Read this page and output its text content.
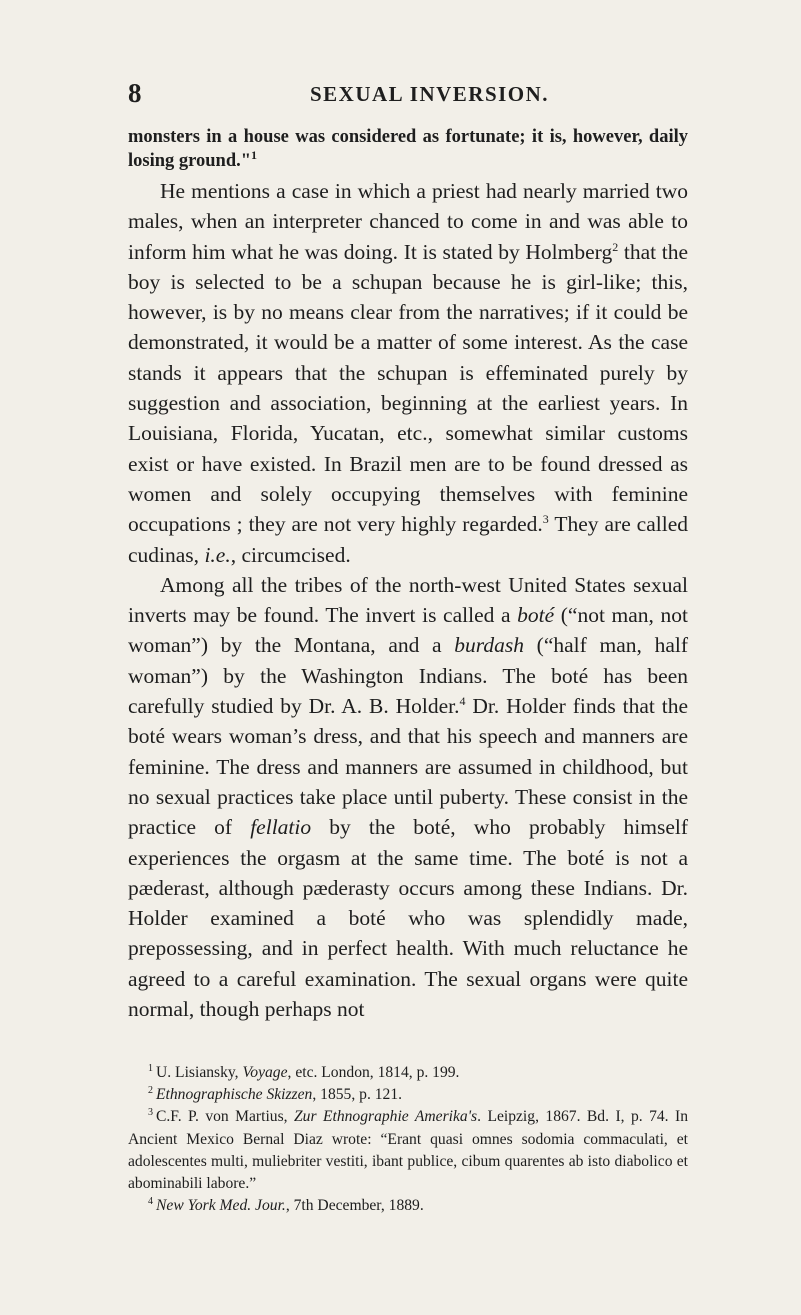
8	SEXUAL INVERSION.

monsters in a house was considered as fortunate; it is, however, daily losing ground."$^1$

He mentions a case in which a priest had nearly married two males, when an interpreter chanced to come in and was able to inform him what he was doing. It is stated by Holmberg$^2$ that the boy is selected to be a schupan because he is girl-like; this, however, is by no means clear from the narratives; if it could be demonstrated, it would be a matter of some interest. As the case stands it appears that the schupan is effeminated purely by suggestion and association, beginning at the earliest years. In Louisiana, Florida, Yucatan, etc., somewhat similar customs exist or have existed. In Brazil men are to be found dressed as women and solely occupying themselves with feminine occupations ; they are not very highly regarded.$^3$ They are called cudinas, i.e., circumcised.

Among all the tribes of the north-west United States sexual inverts may be found. The invert is called a boté (“not man, not woman”) by the Montana, and a burdash (“half man, half woman”) by the Washington Indians. The boté has been carefully studied by Dr. A. B. Holder.$^4$ Dr. Holder finds that the boté wears woman’s dress, and that his speech and manners are feminine. The dress and manners are assumed in childhood, but no sexual practices take place until puberty. These consist in the practice of fellatio by the boté, who probably himself experiences the orgasm at the same time. The boté is not a pæderast, although pæderasty occurs among these Indians. Dr. Holder examined a boté who was splendidly made, prepossessing, and in perfect health. With much reluctance he agreed to a careful examination. The sexual organs were quite normal, though perhaps not

$^1$ U. Lisiansky, Voyage, etc. London, 1814, p. 199.

$^2$ Ethnographische Skizzen, 1855, p. 121.

$^3$ C.F. P. von Martius, Zur Ethnographie Amerika's. Leipzig, 1867. Bd. I, p. 74. In Ancient Mexico Bernal Diaz wrote: “Erant quasi omnes sodomia commaculati, et adolescentes multi, muliebriter vestiti, ibant publice, cibum quarentes ab isto diabolico et abominabili labore.”

$^4$ New York Med. Jour., 7th December, 1889.
